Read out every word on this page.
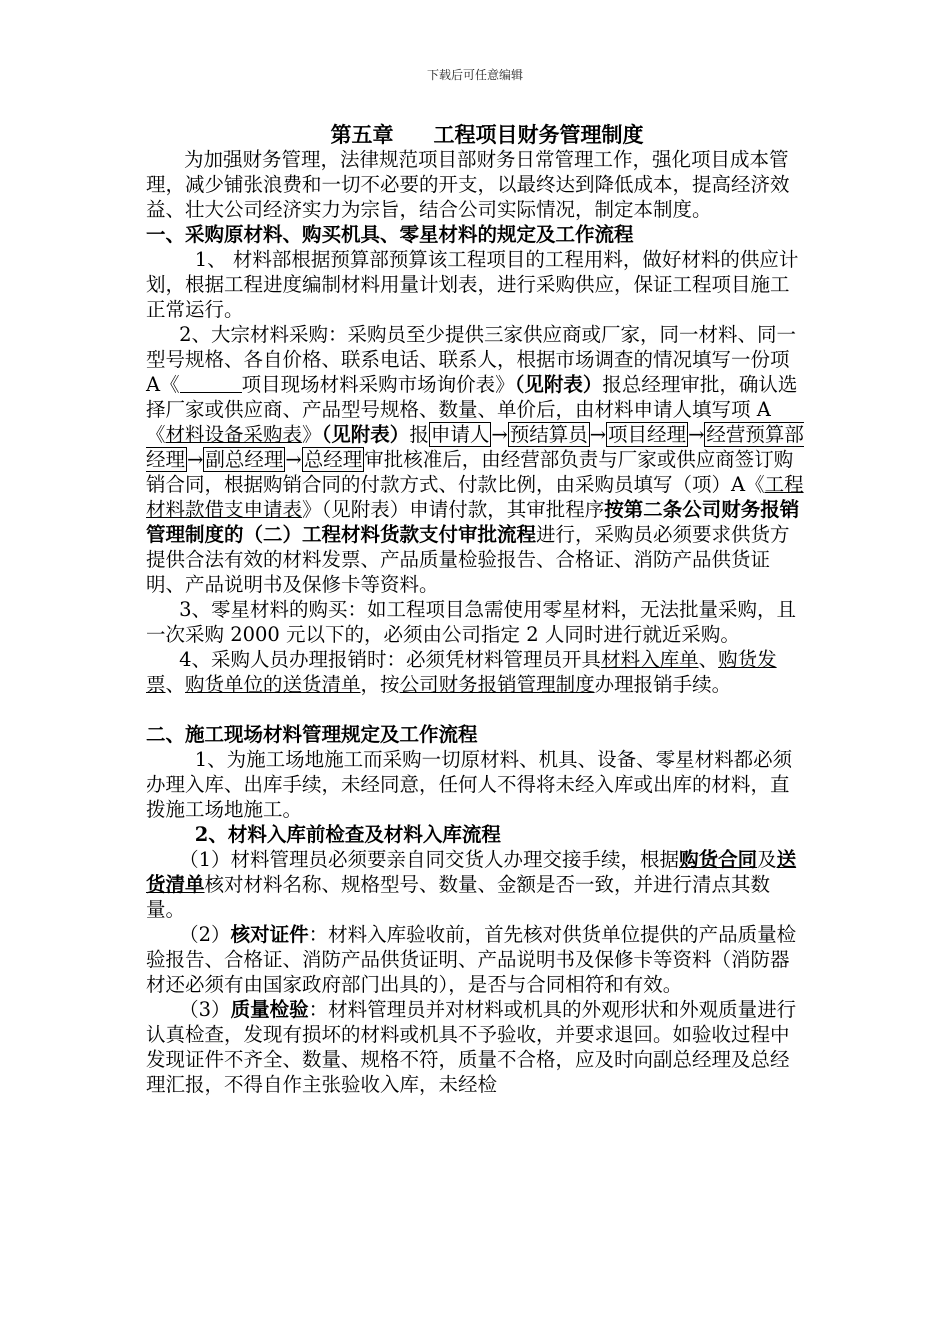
下载后可任意编辑

第五章 工程项目财务管理制度

为加强财务管理，法律规范项目部财务日常管理工作，强化项目成本管理，减少铺张浪费和一切不必要的开支，以最终达到降低成本，提高经济效益、壮大公司经济实力为宗旨，结合公司实际情况，制定本制度。

一、采购原材料、购买机具、零星材料的规定及工作流程

1、 材料部根据预算部预算该工程项目的工程用料，做好材料的供应计划，根据工程进度编制材料用量计划表，进行采购供应，保证工程项目施工正常运行。

2、大宗材料采购：采购员至少提供三家供应商或厂家，同一材料、同一型号规格、各自价格、联系电话、联系人，根据市场调查的情况填写一份项 A《	项目现场材料采购市场询价表》（见附表）报总经理审批，确认选择厂家或供应商、产品型号规格、数量、单价后，由材料申请人填写项 A《材料设备采购表》（见附表）报 申请人 → 预结算员 → 项目经理 → 经营预算部经理 → 副总经理 → 总经理 审批核准后，由经营部负责与厂家或供应商签订购销合同，根据购销合同的付款方式、付款比例，由采购员填写（项）A《工程材料款借支申请表》（见附表）申请付款，其审批程序按第二条公司财务报销管理制度的（二）工程材料货款支付审批流程进行，采购员必须要求供货方提供合法有效的材料发票、产品质量检验报告、合格证、消防产品供货证明、产品说明书及保修卡等资料。

3、零星材料的购买：如工程项目急需使用零星材料，无法批量采购，且一次采购 2000 元以下的，必须由公司指定 2 人同时进行就近采购。

4、采购人员办理报销时：必须凭材料管理员开具材料入库单、购货发票、购货单位的送货清单，按公司财务报销管理制度办理报销手续。

二、施工现场材料管理规定及工作流程

1、为施工场地施工而采购一切原材料、机具、设备、零星材料都必须办理入库、出库手续，未经同意，任何人不得将未经入库或出库的材料，直拨施工场地施工。

2、材料入库前检查及材料入库流程

（1）材料管理员必须要亲自同交货人办理交接手续，根据购货合同及送货清单核对材料名称、规格型号、数量、金额是否一致，并进行清点其数量。

（2）核对证件：材料入库验收前，首先核对供货单位提供的产品质量检验报告、合格证、消防产品供货证明、产品说明书及保修卡等资料（消防器材还必须有由国家政府部门出具的），是否与合同相符和有效。

（3）质量检验：材料管理员并对材料或机具的外观形状和外观质量进行认真检查，发现有损坏的材料或机具不予验收，并要求退回。如验收过程中发现证件不齐全、数量、规格不符，质量不合格，应及时向副总经理及总经理汇报，不得自作主张验收入库，未经检
